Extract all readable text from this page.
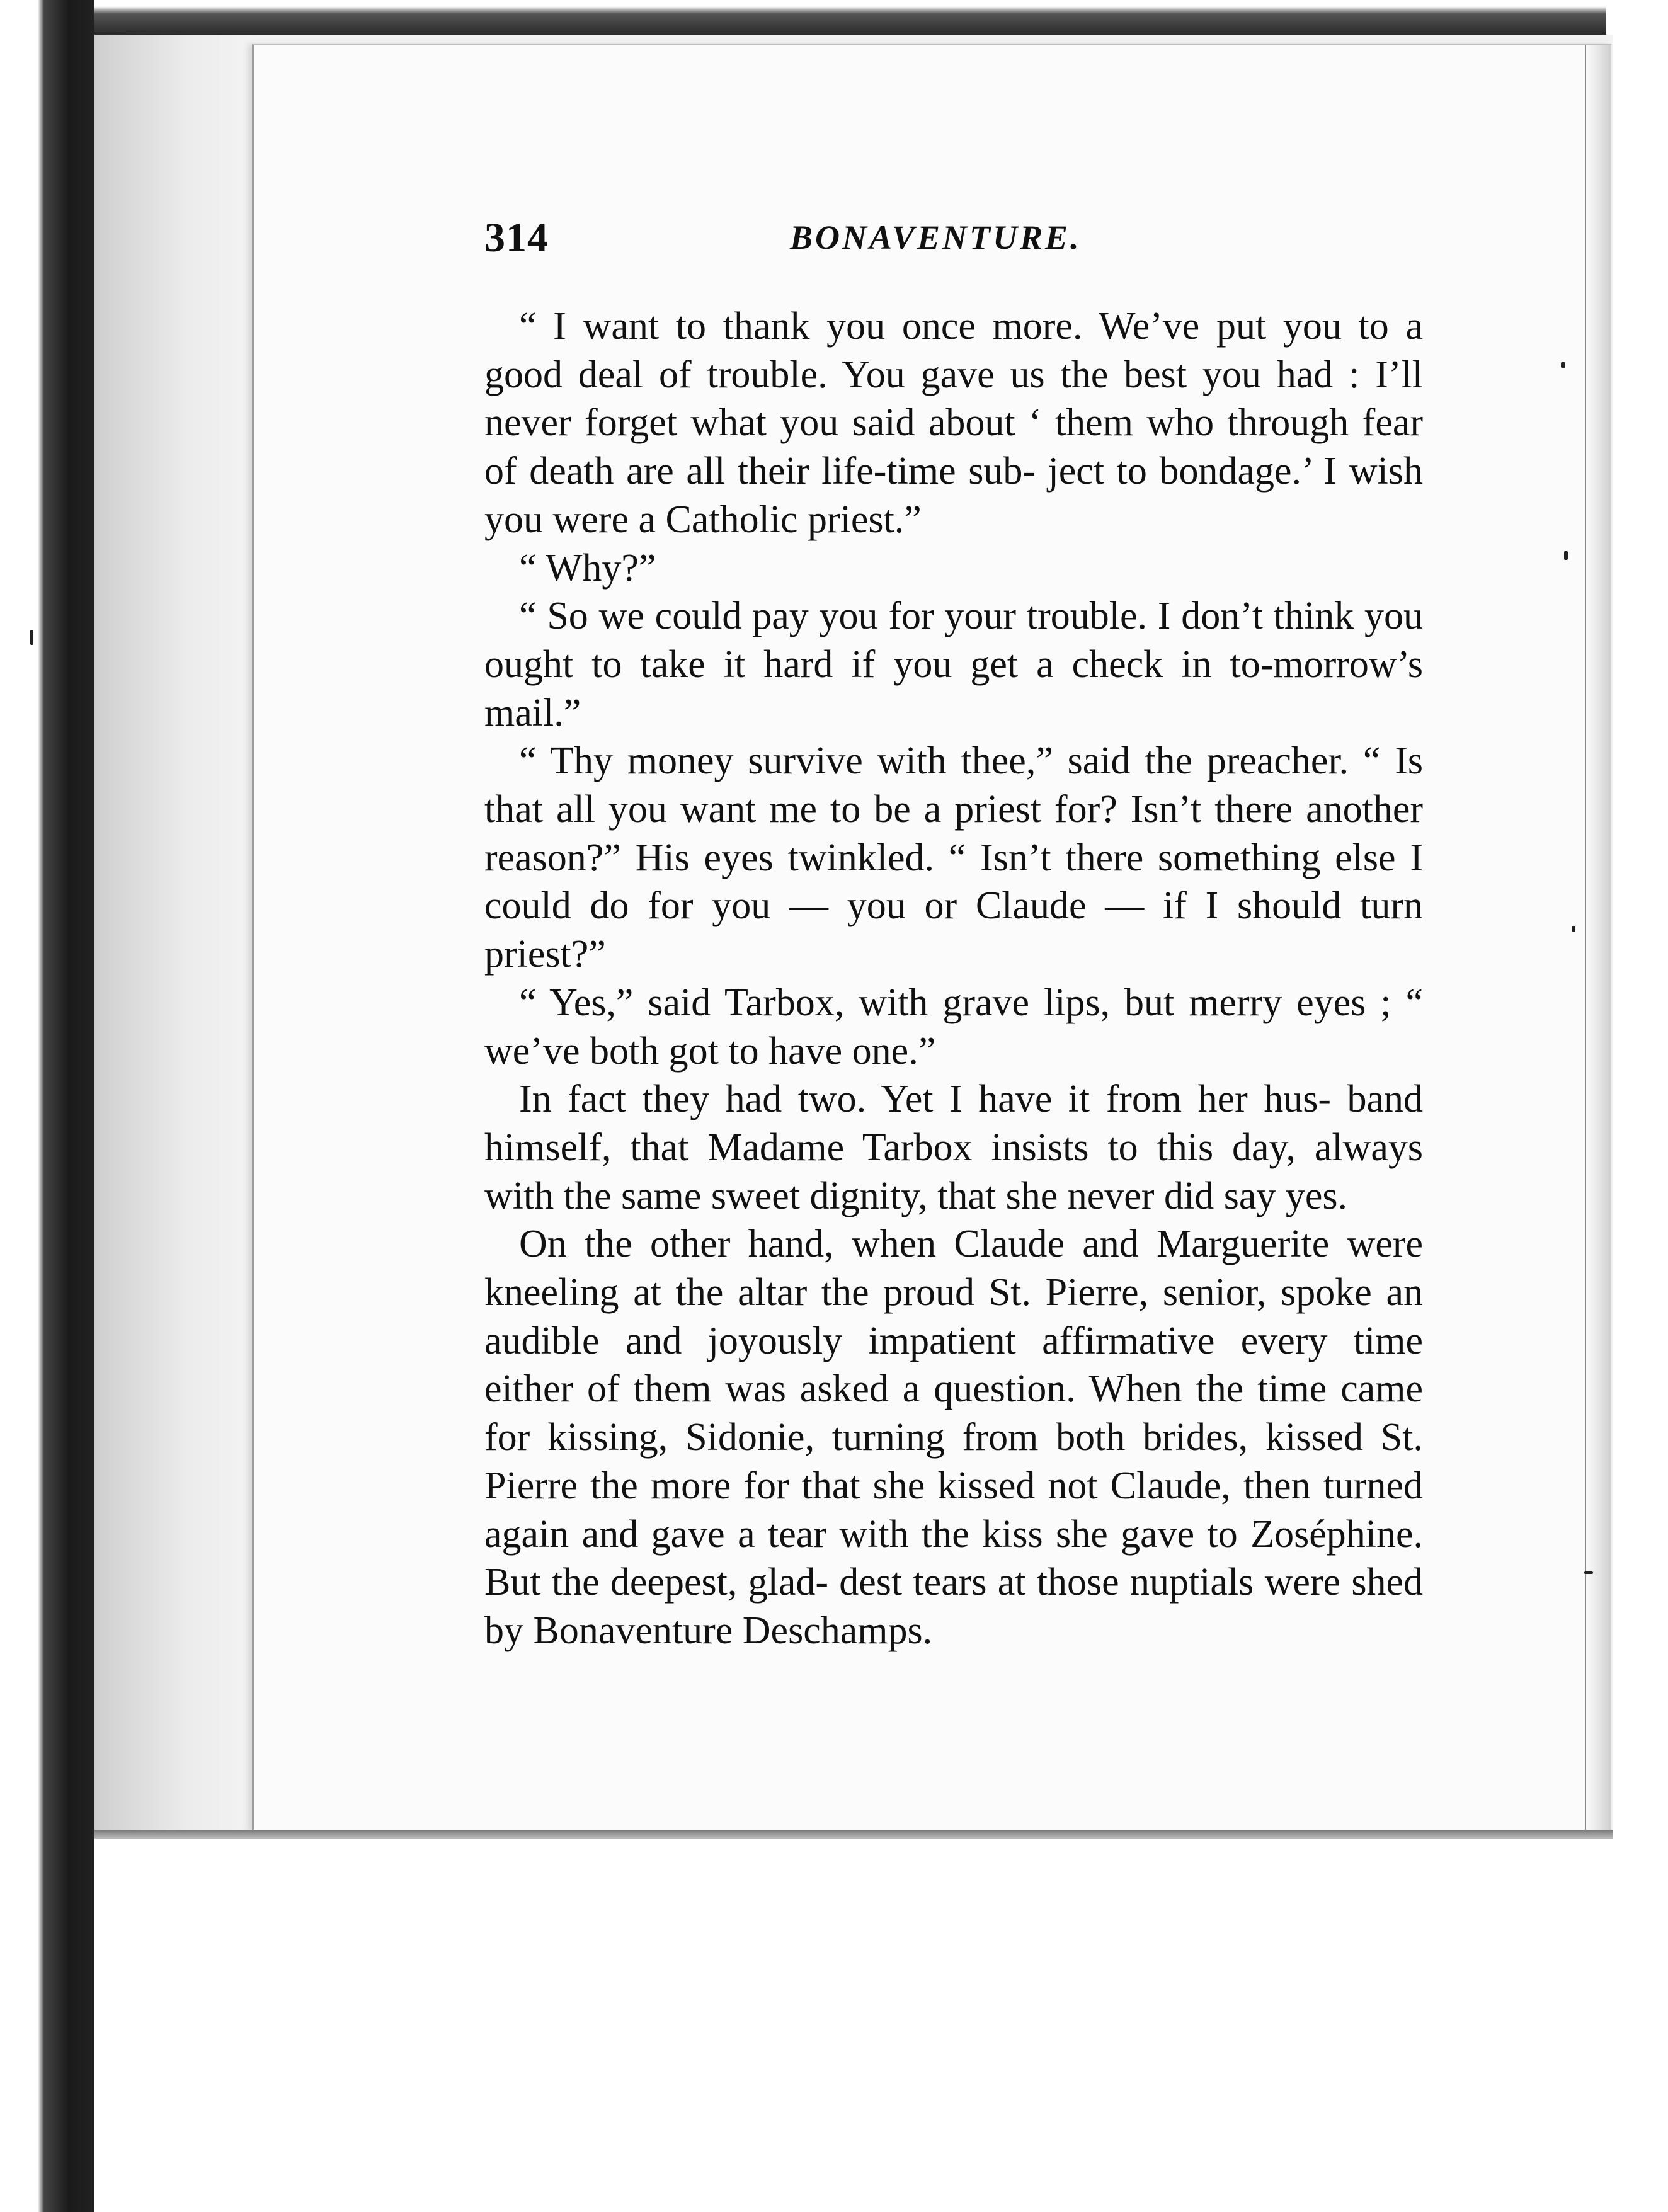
314	BONAVENTURE.

“ I want to thank you once more. We’ve put you to a good deal of trouble. You gave us the best you had : I’ll never forget what you said about ‘ them who through fear of death are all their life-time sub- ject to bondage.’ I wish you were a Catholic priest.”

“ Why?”

“ So we could pay you for your trouble. I don’t think you ought to take it hard if you get a check in to-morrow’s mail.”

“ Thy money survive with thee,” said the preacher. “ Is that all you want me to be a priest for? Isn’t there another reason?” His eyes twinkled. “ Isn’t there something else I could do for you — you or Claude — if I should turn priest?”

“ Yes,” said Tarbox, with grave lips, but merry eyes ; “ we’ve both got to have one.”

In fact they had two. Yet I have it from her hus- band himself, that Madame Tarbox insists to this day, always with the same sweet dignity, that she never did say yes.

On the other hand, when Claude and Marguerite were kneeling at the altar the proud St. Pierre, senior, spoke an audible and joyously impatient affirmative every time either of them was asked a question. When the time came for kissing, Sidonie, turning from both brides, kissed St. Pierre the more for that she kissed not Claude, then turned again and gave a tear with the kiss she gave to Zoséphine. But the deepest, glad- dest tears at those nuptials were shed by Bonaventure Deschamps.
